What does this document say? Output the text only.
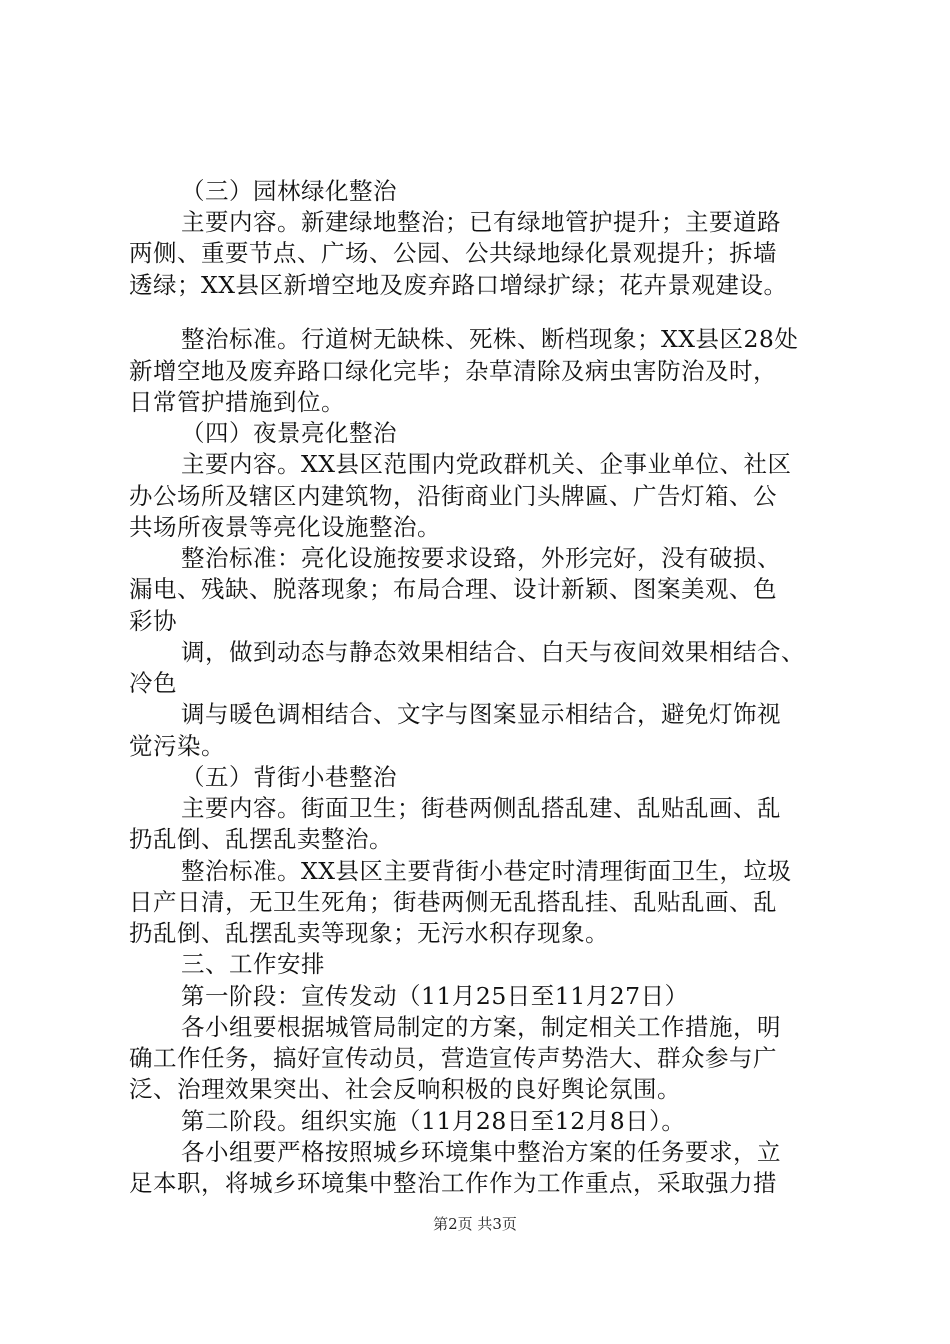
（三）园林绿化整治
主要内容。新建绿地整治；已有绿地管护提升；主要道路
两侧、重要节点、广场、公园、公共绿地绿化景观提升；拆墙
透绿；XX县区新增空地及废弃路口增绿扩绿；花卉景观建设。
整治标准。行道树无缺株、死株、断档现象；XX县区28处
新增空地及废弃路口绿化完毕；杂草清除及病虫害防治及时，
日常管护措施到位。
（四）夜景亮化整治
主要内容。XX县区范围内党政群机关、企事业单位、社区
办公场所及辖区内建筑物，沿街商业门头牌匾、广告灯箱、公
共场所夜景等亮化设施整治。
整治标准：亮化设施按要求设臵，外形完好，没有破损、
漏电、残缺、脱落现象；布局合理、设计新颖、图案美观、色
彩协
调，做到动态与静态效果相结合、白天与夜间效果相结合、
冷色
调与暖色调相结合、文字与图案显示相结合，避免灯饰视
觉污染。
（五）背街小巷整治
主要内容。街面卫生；街巷两侧乱搭乱建、乱贴乱画、乱
扔乱倒、乱摆乱卖整治。
整治标准。XX县区主要背街小巷定时清理街面卫生，垃圾
日产日清，无卫生死角；街巷两侧无乱搭乱挂、乱贴乱画、乱
扔乱倒、乱摆乱卖等现象；无污水积存现象。
三、工作安排
第一阶段：宣传发动（11月25日至11月27日）
各小组要根据城管局制定的方案，制定相关工作措施，明
确工作任务，搞好宣传动员，营造宣传声势浩大、群众参与广
泛、治理效果突出、社会反响积极的良好舆论氛围。
第二阶段。组织实施（11月28日至12月8日）。
各小组要严格按照城乡环境集中整治方案的任务要求，立
足本职，将城乡环境集中整治工作作为工作重点，采取强力措
第2页 共3页
